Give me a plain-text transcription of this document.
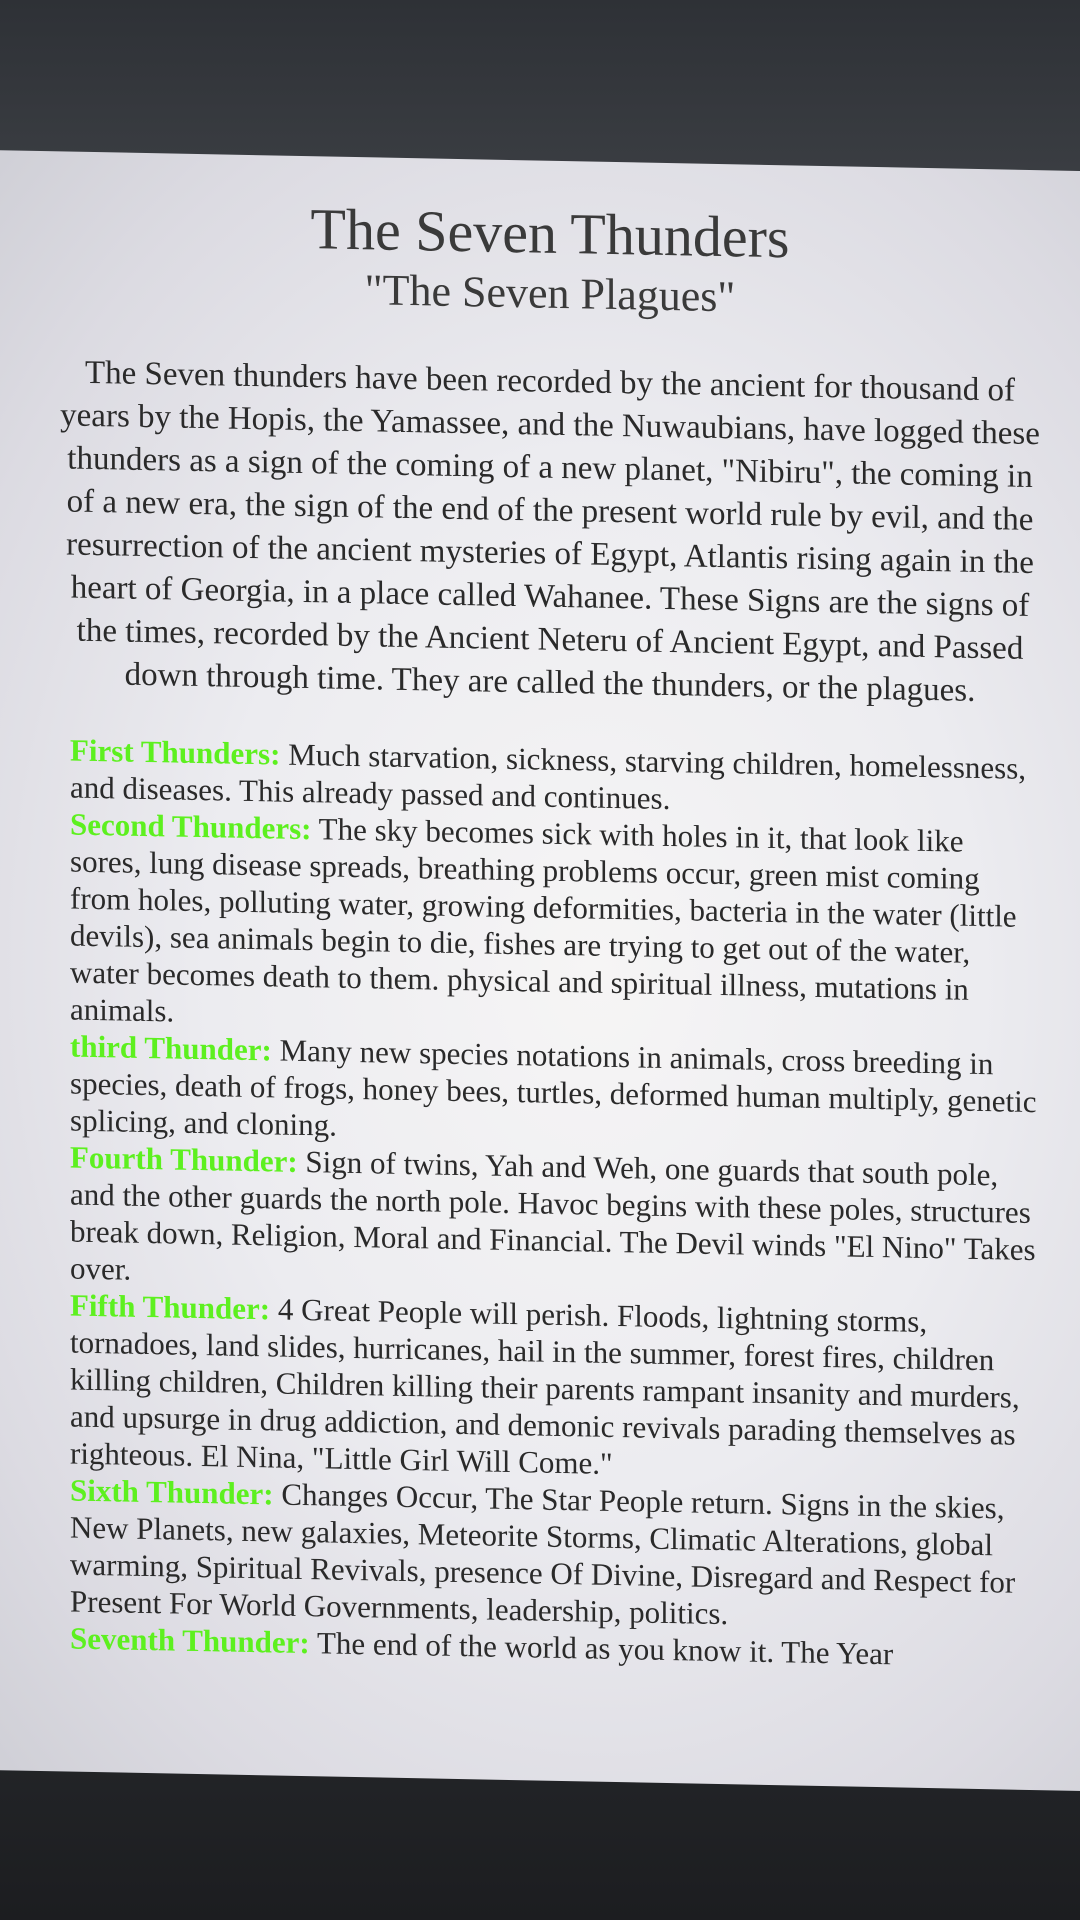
The Seven Thunders
"The Seven Plagues"

The Seven thunders have been recorded by the ancient for thousand of years by the Hopis, the Yamassee, and the Nuwaubians, have logged these thunders as a sign of the coming of a new planet, "Nibiru", the coming in of a new era, the sign of the end of the present world rule by evil, and the resurrection of the ancient mysteries of Egypt, Atlantis rising again in the heart of Georgia, in a place called Wahanee. These Signs are the signs of the times, recorded by the Ancient Neteru of Ancient Egypt, and Passed down through time. They are called the thunders, or the plagues.

First Thunders: Much starvation, sickness, starving children, homelessness, and diseases. This already passed and continues.

Second Thunders: The sky becomes sick with holes in it, that look like sores, lung disease spreads, breathing problems occur, green mist coming from holes, polluting water, growing deformities, bacteria in the water (little devils), sea animals begin to die, fishes are trying to get out of the water, water becomes death to them. physical and spiritual illness, mutations in animals.

third Thunder: Many new species notations in animals, cross breeding in species, death of frogs, honey bees, turtles, deformed human multiply, genetic splicing, and cloning.

Fourth Thunder: Sign of twins, Yah and Weh, one guards that south pole, and the other guards the north pole. Havoc begins with these poles, structures break down, Religion, Moral and Financial. The Devil winds "El Nino" Takes over.

Fifth Thunder: 4 Great People will perish. Floods, lightning storms, tornadoes, land slides, hurricanes, hail in the summer, forest fires, children killing children, Children killing their parents rampant insanity and murders, and upsurge in drug addiction, and demonic revivals parading themselves as righteous. El Nina, "Little Girl Will Come."

Sixth Thunder: Changes Occur, The Star People return. Signs in the skies, New Planets, new galaxies, Meteorite Storms, Climatic Alterations, global warming, Spiritual Revivals, presence Of Divine, Disregard and Respect for Present For World Governments, leadership, politics.

Seventh Thunder: The end of the world as you know it. The Year
